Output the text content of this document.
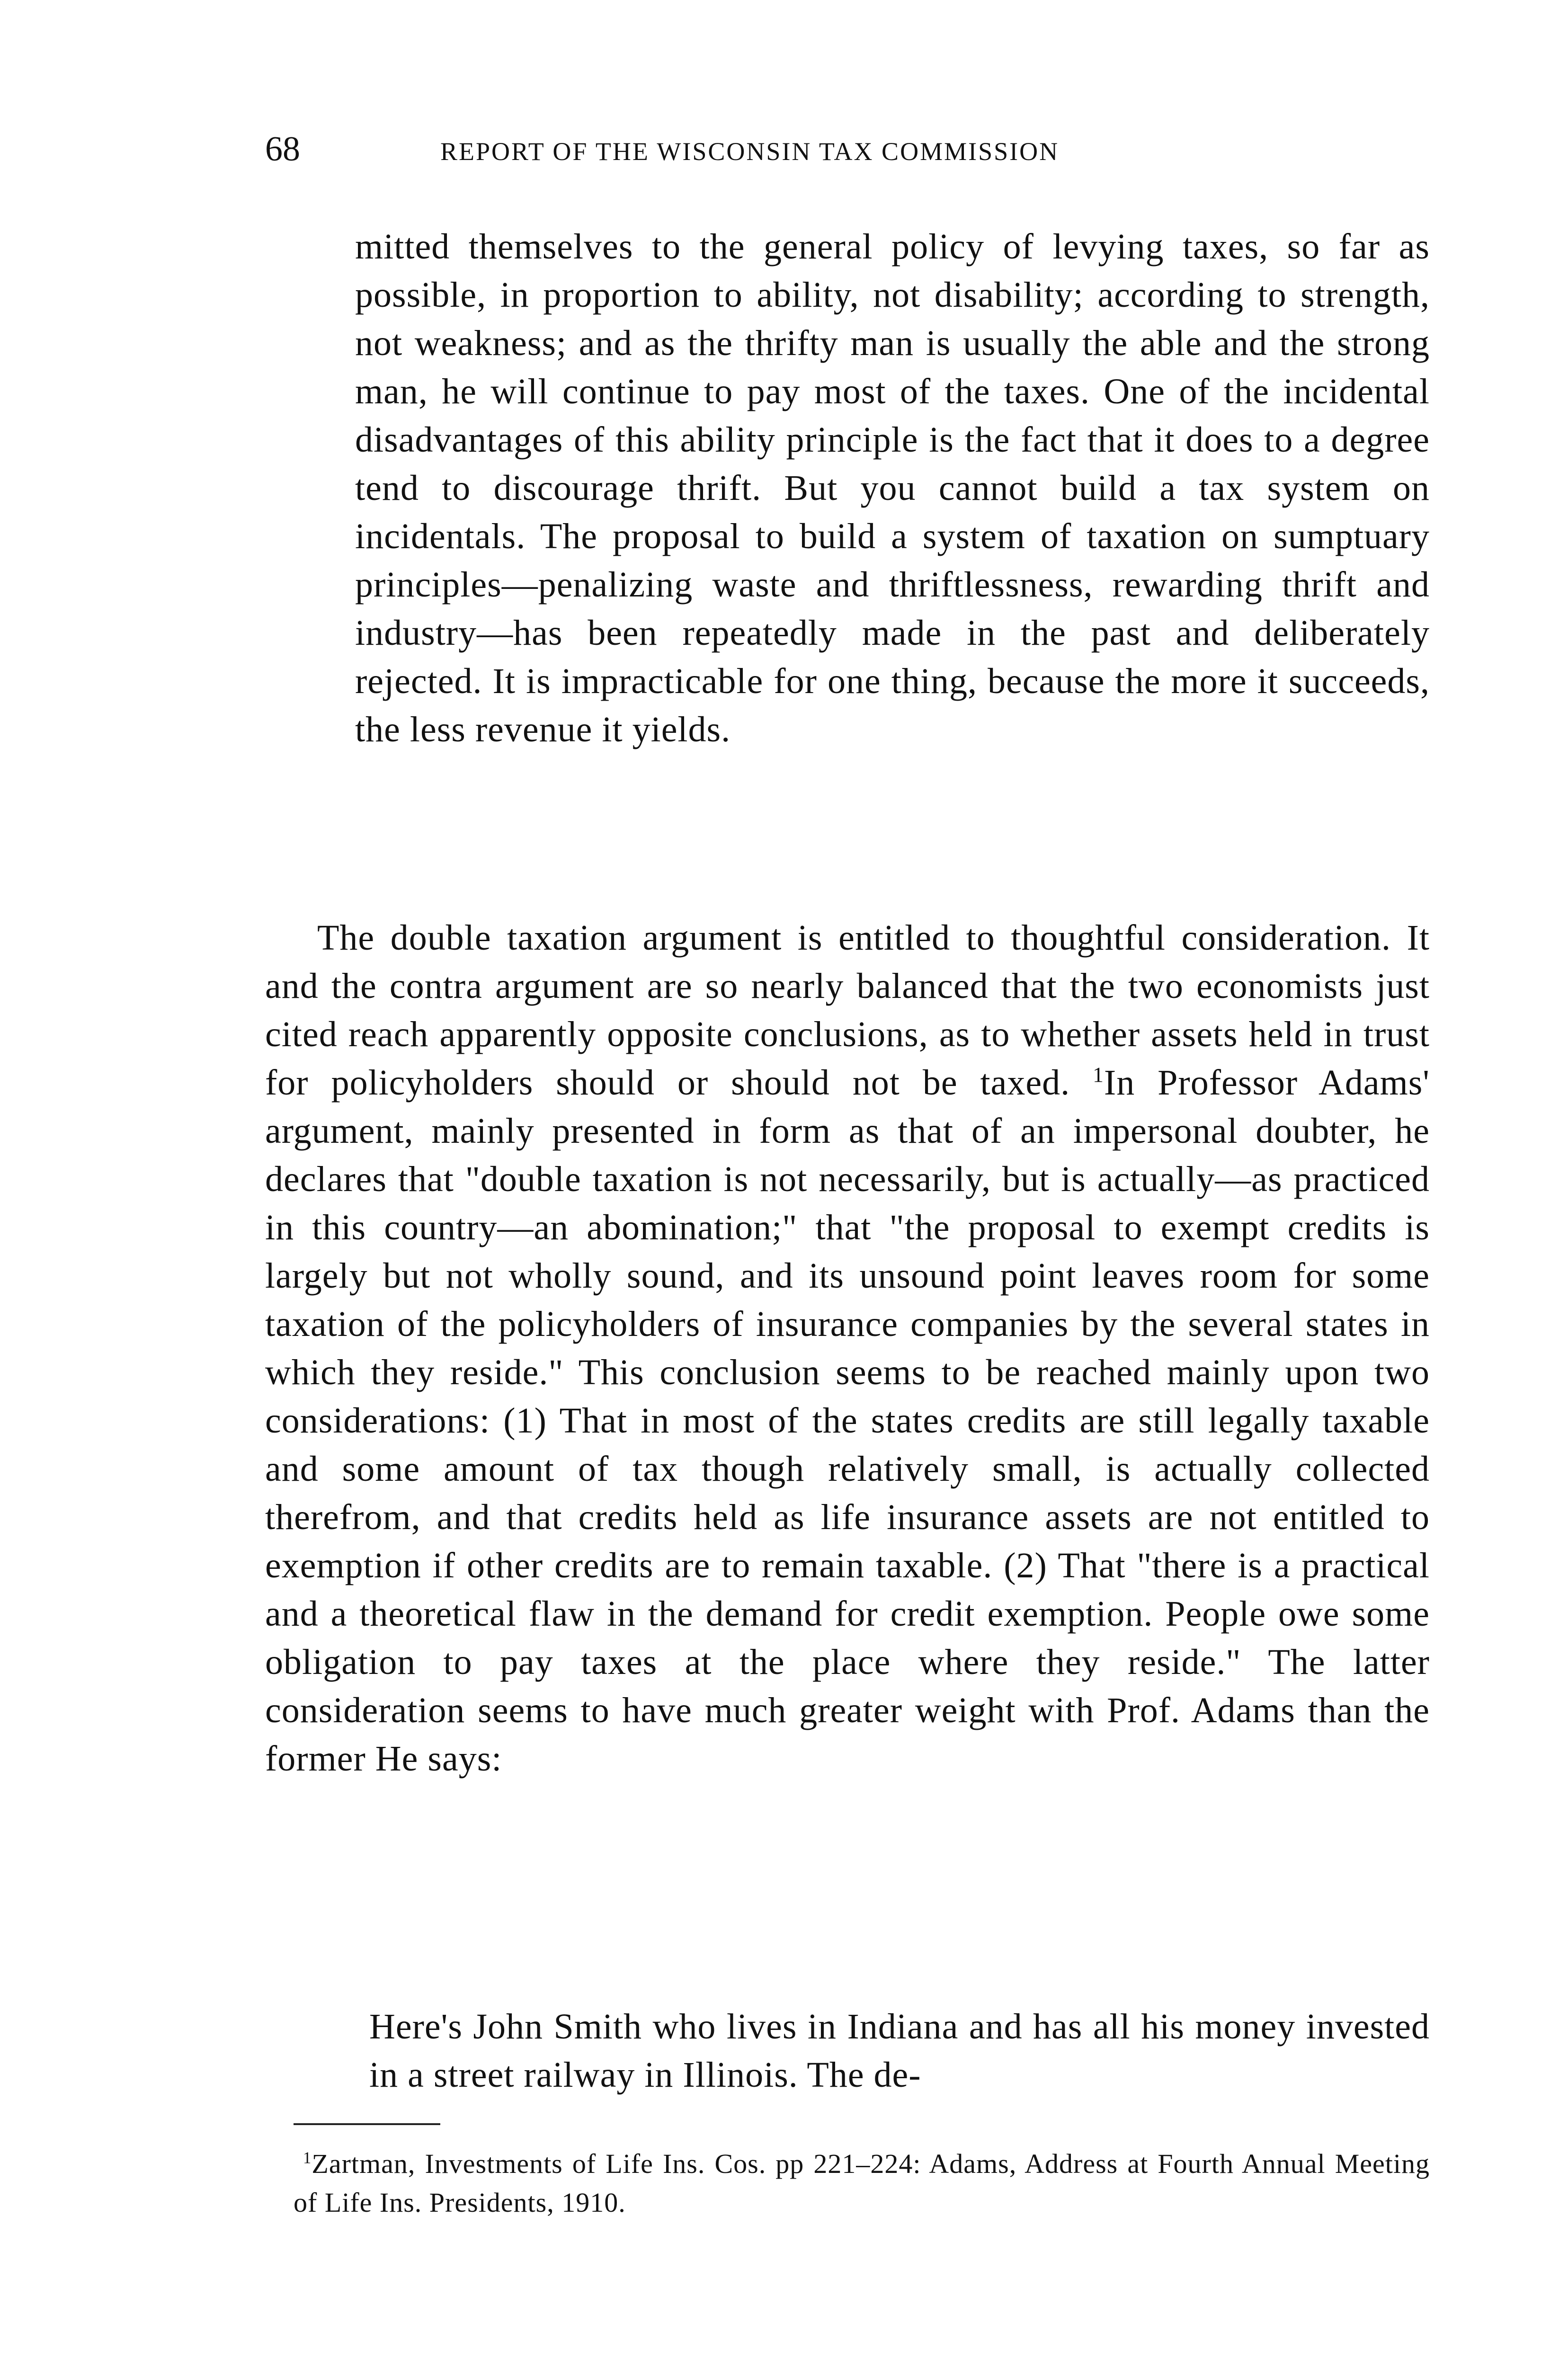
68	REPORT OF THE WISCONSIN TAX COMMISSION

mitted themselves to the general policy of levying taxes, so far as possible, in proportion to ability, not disability; according to strength, not weakness; and as the thrifty man is usually the able and the strong man, he will continue to pay most of the taxes. One of the incidental disadvantages of this ability principle is the fact that it does to a degree tend to discourage thrift. But you cannot build a tax system on incidentals. The proposal to build a system of taxation on sumptuary principles—penalizing waste and thriftlessness, rewarding thrift and industry—has been repeatedly made in the past and deliberately rejected. It is impracticable for one thing, because the more it succeeds, the less revenue it yields.

The double taxation argument is entitled to thoughtful consideration. It and the contra argument are so nearly balanced that the two economists just cited reach apparently opposite conclusions, as to whether assets held in trust for policyholders should or should not be taxed. $^1$In Professor Adams' argument, mainly presented in form as that of an impersonal doubter, he declares that "double taxation is not necessarily, but is actually—as practiced in this country—an abomination;" that "the proposal to exempt credits is largely but not wholly sound, and its unsound point leaves room for some taxation of the policyholders of insurance companies by the several states in which they reside." This conclusion seems to be reached mainly upon two considerations: (1) That in most of the states credits are still legally taxable and some amount of tax though relatively small, is actually collected therefrom, and that credits held as life insurance assets are not entitled to exemption if other credits are to remain taxable. (2) That "there is a practical and a theoretical flaw in the demand for credit exemption. People owe some obligation to pay taxes at the place where they reside." The latter consideration seems to have much greater weight with Prof. Adams than the former He says:

Here's John Smith who lives in Indiana and has all his money invested in a street railway in Illinois. The de-

$^1$Zartman, Investments of Life Ins. Cos. pp 221–224: Adams, Address at Fourth Annual Meeting of Life Ins. Presidents, 1910.
